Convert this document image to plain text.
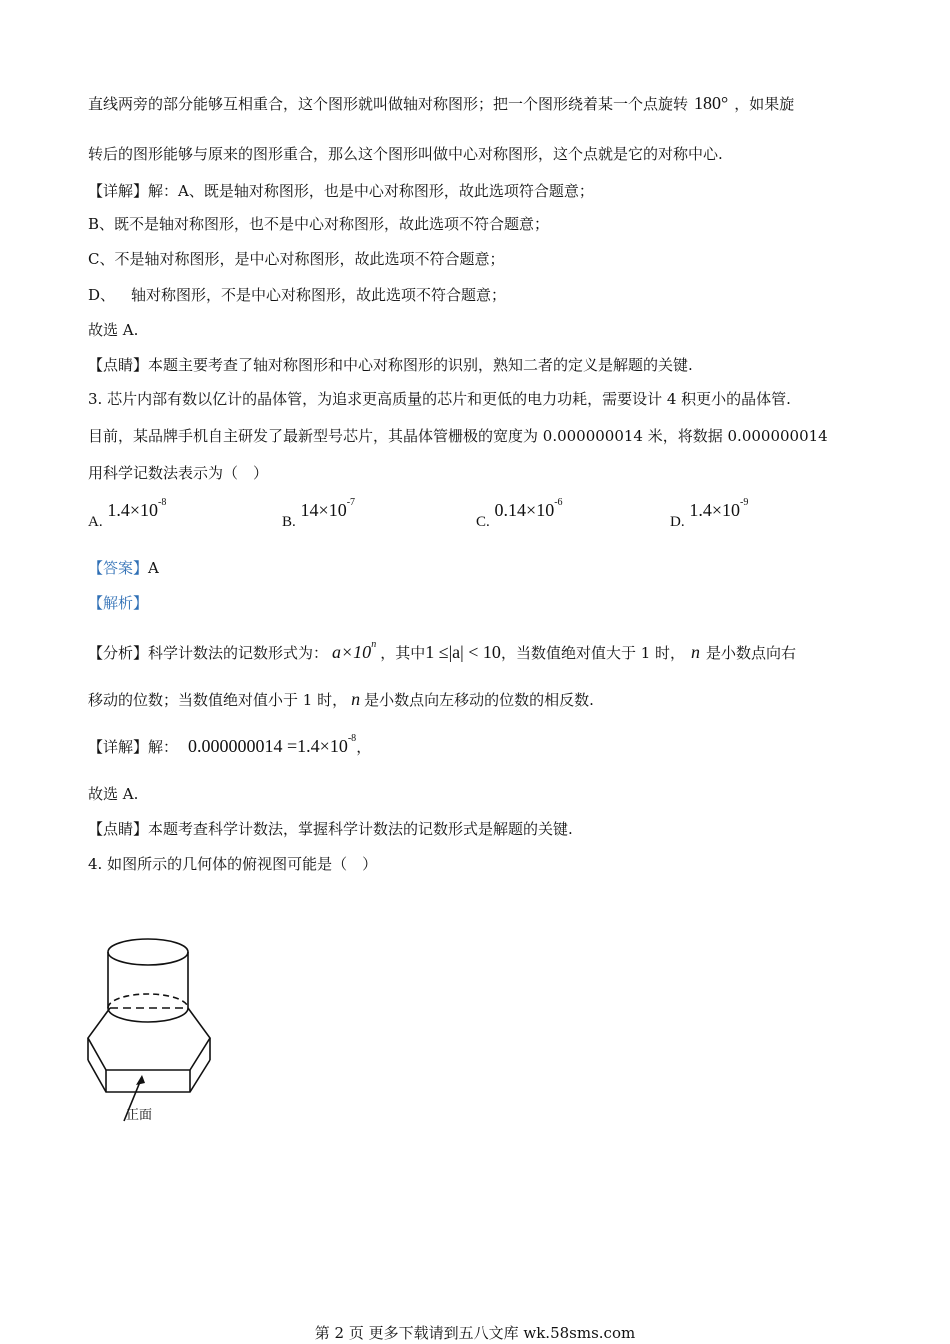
直线两旁的部分能够互相重合，这个图形就叫做轴对称图形；把一个图形绕着某一个点旋转 180° ，如果旋
转后的图形能够与原来的图形重合，那么这个图形叫做中心对称图形，这个点就是它的对称中心.
【详解】解：A、既是轴对称图形，也是中心对称图形，故此选项符合题意；
B、既不是轴对称图形，也不是中心对称图形，故此选项不符合题意；
C、不是轴对称图形，是中心对称图形，故此选项不符合题意；
D、 轴对称图形，不是中心对称图形，故此选项不符合题意；
故选 A.
【点睛】本题主要考查了轴对称图形和中心对称图形的识别，熟知二者的定义是解题的关键.
3. 芯片内部有数以亿计的晶体管，为追求更高质量的芯片和更低的电力功耗，需要设计 4 积更小的晶体管.
目前，某品牌手机自主研发了最新型号芯片，其晶体管栅极的宽度为 0.000000014 米，将数据 0.000000014
用科学记数法表示为（　）
A. $1.4\times 10^{-8}$
B. $14\times 10^{-7}$
C. $0.14\times 10^{-6}$
D. $1.4\times 10^{-9}$
【答案】A
【解析】
【分析】科学计数法的记数形式为： $a\times 10^n$ ，其中1 ≤|a| < 10，当数值绝对值大于 1 时， n 是小数点向右
移动的位数；当数值绝对值小于 1 时， n 是小数点向左移动的位数的相反数.
【详解】解： $0.000000014 =1.4\times 10^{-8}$，
故选 A.
【点睛】本题考查科学计数法，掌握科学计数法的记数形式是解题的关键.
4. 如图所示的几何体的俯视图可能是（　）
正面
第 2 页 更多下载请到五八文库 wk.58sms.com
